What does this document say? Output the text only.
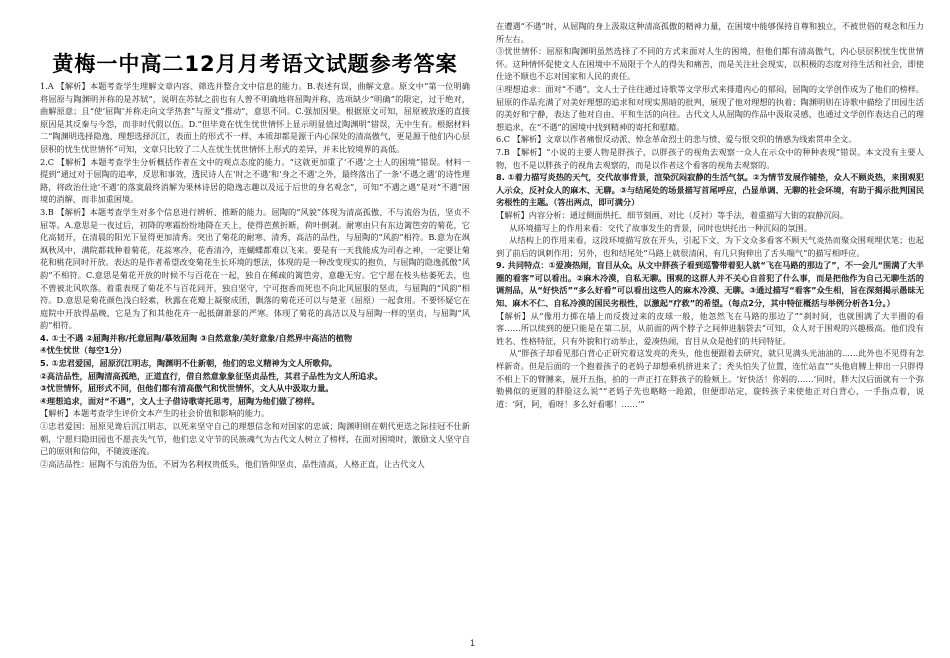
黄梅一中高二12月月考语文试题参考答案

1.A 【解析】本题考查学生理解文章内容、筛选并整合文中信息的能力。B.表述有误，曲解文意。原文中“第一位明确将屈原与陶渊明并称的是苏轼”，说明在苏轼之前也有人曾不明确地将屈陶并称，选项缺少“明确”的限定，过于绝对，曲解原意；且“使‘屈陶’并称走向文学热套”与原文“推动”，意思不同。C.强加因果。根据原文可知，屈原被放逐的直接原因是其反秦与今怨，而非时代假以伍。D.“但毕竟在忧生忧世情怀上显示明显值过陶渊明”错误，无中生有。根据材料二“陶渊明选择隐逸，理想选择沉江，表面上的形式不一样，本质却都是源于内心深处的清高傲气，更是源于他们内心层层积的忧生忧世情怀”可知，文章只比较了二人在忧生忧世情怀上形式的差异，并未比较境界的高低。

2.C 【解析】本题考查学生分析概括作者在文中的观点态度的能力。“这就更加重了‘不遇’之士人的困境”错误。材料一提到“通过对于屈陶的追率，反思和事效，透民诗人在‘时之不遇’和‘身之不遇’之外，最终落出了一条‘不遇之遇’的诗性理路，将政治仕途‘不遇’的落寞最终消解为果林诗居的隐逸志趣以及远于后世的身名观念”，可知“不遇之遇”是对“不遇”困境的消解，而非加重困境。

3.B 【解析】本题考查学生对多个信息进行辨析、推断的能力。屈陶的“风貌”体现为清高孤傲、不与流俗为伍，坚贞不屈等。A.意思是一夜过后，初降的寒霜纷纷地降在天上，使得芭蕉折断，荷叶倒剥。耐寒由只有东边篱笆旁的菊花，它化高韧开，在清晨的阳光下显得更加清秀。突出了菊花的耐寒、清秀，高洁的品性，与屈陶的“风韵”相符。B.意为在飒飒秋风中，满院都栽种着菊花，花蕊寒冷，花香清冷，连蝴蝶都难以飞来。要是有一天我能成为司春之神，一定要让菊花和桃花同时开放。表达的是作者希望改变菊花生长环境的想法，体现的是一种改变现实的抱负，与屈陶的隐逸孤傲“风韵”不相符。C.意思是菊花开放的时候不与百花在一起，独自在稀疏的篱笆旁，意趣无穷。它宁愿在枝头枯萎死去，也不曾被北风吹落。着重表现了菊花不与百花同开，独自坚守，宁可抱香而死也不向北风屈服的坚贞，与屈陶的“风韵”相符。D.意思是菊花颜色浅白轻素，秋露在花瓣上凝聚成团，飘落的菊花还可以与楚亚（屈原）一起食用。不要怀疑它在庭院中开放得晶晚，它是为了和其他花卉一起抵御萧瑟的严寒。体现了菊花的高洁以及与屈陶一样的坚贞，与屈陶“风韵”相符。

4. ①士不遇 ②屈陶并称/托意屈陶/摹效屈陶 ③自然意象/美好意象/自然界中高洁的植物

④忧生忧世（每空1分）

5. ①忠君爱国，屈原沉江明志，陶渊明不仕新朝，他们的忠义精神为文人所歌仰。

②高洁品性，屈陶清高孤绝，正道直行，借自然意象象征坚贞品性，其君子品性为文人所追求。

③忧世情怀，屈形式不同，但他们都有清高傲气和忧世情怀，文人从中汲取力量。

④理想追求，面对“不遇”，文人士子借诗歌寄托思考，屈陶为他们做了榜样。

【解析】本题考查学生评价文本产生的社会价值和影响的能力。

①忠君爱国：屈原见谗后沉江明志，以死来坚守自己的理想信念和对国家的忠诚；陶渊明则在朝代更迭之际挂冠不仕新朝，宁愿归隐田园也不愿丧失气节，他们忠义守节的民族魂气为古代文人树立了榜样，在面对困境时，激励文人坚守自己的原则和信仰，不随波逐流。

②高洁品性：屈陶不与流俗为伍，不屑为名利权贵低头，他们皆仰坚贞，品性清高，人格正直，让古代文人

在遭遇“不遇”时，从屈陶的身上汲取这种清高孤傲的精神力量，在困境中能够保持自尊和独立，不被世俗的观念和压力所左右。

③忧世情怀：屈原和陶渊明虽然选择了不同的方式来面对人生的困境，但他们都有清高傲气，内心层层积忧生忧世情怀。这种情怀促使文人在困境中不局限于个人的得失和痛苦，而是关注社会现实，以积极的态度对待生活和社会，即使仕途不顺也不忘对国家和人民的责任。

④理想追求：面对“不遇”，文人士子往往通过诗歌等文学形式来排遣内心的郁闷，屈陶的文学创作成为了他们的榜样。屈原的作品充满了对美好理想的追求和对现实黑暗的批判，展现了他对理想的执着；陶渊明则在诗歌中描绘了田园生活的美好和宁静，表达了他对自由、平和生活的向往。古代文人从屈陶的作品中汲取灵感，也通过文学创作表达自己的理想追求，在“不遇”的困境中找到精神的寄托和慰藉。

6.C 【解析】文章以作者痛恨反动派、悼念革命烈士的悲与愤、爱与恨交织的情感为线索贯串全文。

7.B 【解析】“小说的主要人物是胖孩子，以胖孩子的视角去观察一众人在示众中的种种表现”错误。本文没有主要人物，也不是以胖孩子的视角去观察的，而是以作者这个看客的视角去观察的。

8. ①着力描写炎热的天气，交代故事背景，渲染沉闷寂静的生活气氛。②为情节发展作铺垫，众人不顾炎热，来围观犯人示众，反衬众人的麻木、无聊。③与结尾处的场景描写首尾呼应，凸显单调、无聊的社会环境，有助于揭示批判国民劣根性的主题。（答出两点，即可满分）

【解析】内容分析：通过侧面烘托、细节刻画、对比（反衬）等手法，着重描写大街的寂静沉闷。

从环境描写上的作用来看：交代了故事发生的背景，同时也烘托出一种沉闷的氛围。

从结构上的作用来看，这段环境描写放在开头，引起下文，为下文众多看客不顾天气炎热而聚众围观埋伏笔；也起到了前后的讽刺作用；另外，也和结尾处“马路上就很清闲，有几只狗伸出了舌头喘气”的描写相呼应。

9. 共同特点：①爱凑热闹，盲目从众。从文中胖孩子看到巡警带着犯人就“飞在马路的那边了”，不一会儿“围满了大半圈的看客”可以看出。②麻木冷漠，自私无聊。围观的这群人并不关心自首犯了什么事，而是把他作为自己无聊生活的调剂品，从“好快活”“多么好看”可以看出这些人的麻木冷漠、无聊。③通过描写“看客”众生相，旨在深刻揭示愚昧无知、麻木不仁、自私冷漠的国民劣根性，以激起“疗救”的希望。（每点2分，其中特征概括与举例分析各1分。）

【解析】从“像用力掷在墙上而反拨过来的皮球一般，他忽然飞在马路的那边了”“刹时间，也就围满了大半圈的看客……所以续到的便只能是在第二层，从前面的两个脖子之间伸进脑袋去”可知，众人对于围观的兴趣极高。他们没有姓名、性格特征，只有外貌和行动举止，爱凑热闹，盲目从众是他们的共同特征。

从“胖孩子却看见那白背心正研究着这发亮的秃头，他也便跟着去研究，就只见满头光油油的……此外也不见得有怎样新奇。但是后面的一个抱着孩子的老妈子却想乘机挤进来了；秃头怕失了位置，连忙站直”“头他肩膊上伸出一只胖得不相上下的臂膊来，展开五指，拍的一声正打在胖孩子的脸颊上。‘好快活！你妈的……’同时，胖大汉后面就有一个弥勒佛似的更圆的胖脸这么说”“老妈子先也略略一跄踉，但便即站定，旋转孩子来使他正对白背心，一手指点着，说道：‘阿，阿，看呀！多么好看哪！……’”

1
